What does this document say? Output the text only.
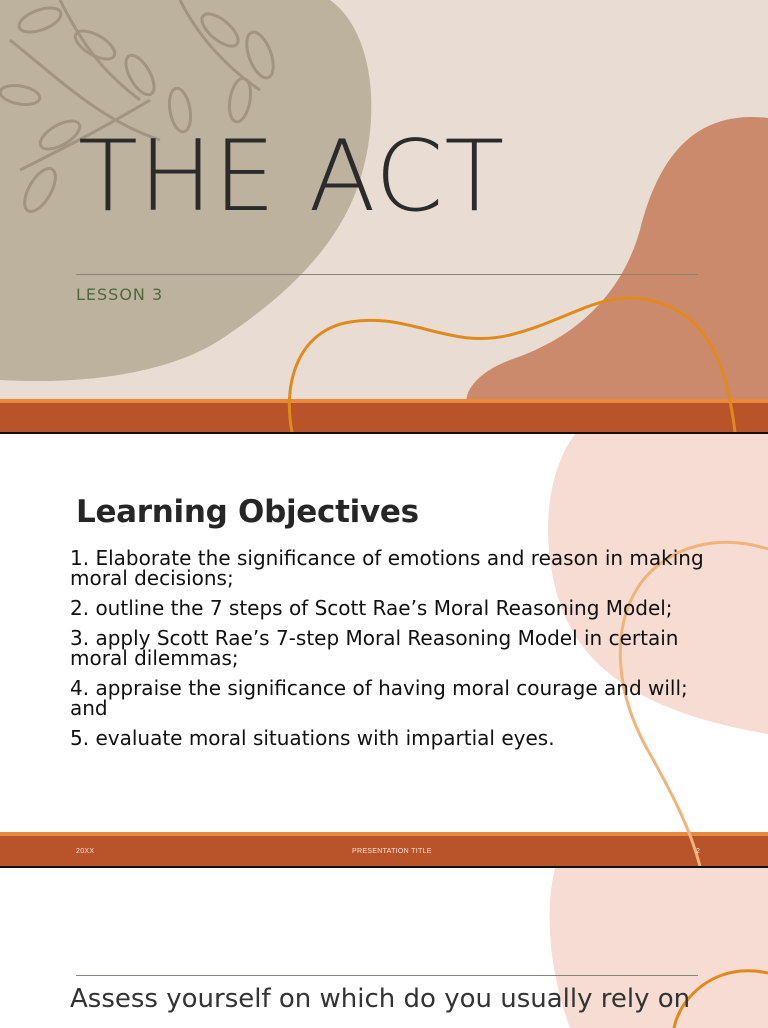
THE ACT

LESSON 3

Learning Objectives
1. Elaborate the significance of emotions and reason in making moral decisions;
2. outline the 7 steps of Scott Rae’s Moral Reasoning Model;
3. apply Scott Rae’s 7-step Moral Reasoning Model in certain moral dilemmas;
4. appraise the significance of having moral courage and will; and
5. evaluate moral situations with impartial eyes.
20XX	PRESENTATION TITLE	2

Assess yourself on which do you usually rely on
